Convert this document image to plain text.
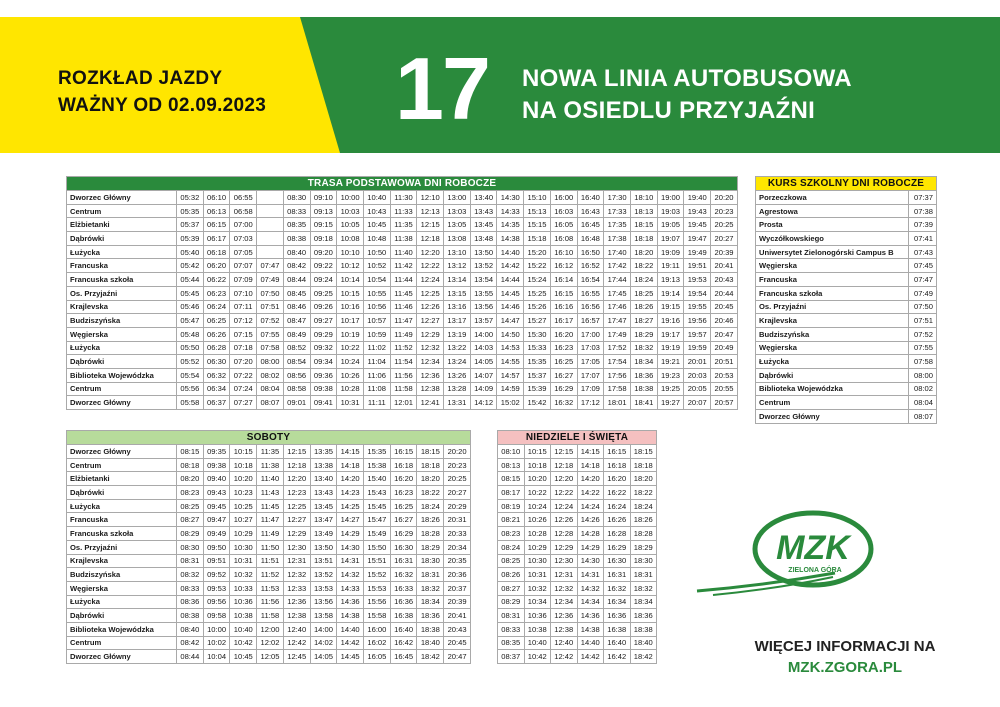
ROZKŁAD JAZDY
WAŻNY OD 02.09.2023	17 NOWA LINIA AUTOBUSOWA
NA OSIEDLU PRZYJAŹNI
TRASA PODSTAWOWA DNI ROBOCZE																					
Dworzec Główny	05:32	06:10	06:55		08:30	09:10	10:00	10:40	11:30	12:10	13:00	13:40	14:30	15:10	16:00	16:40	17:30	18:10	19:00	19:40	20:20
Centrum	05:35	06:13	06:58		08:33	09:13	10:03	10:43	11:33	12:13	13:03	13:43	14:33	15:13	16:03	16:43	17:33	18:13	19:03	19:43	20:23
Elżbietanki	05:37	06:15	07:00		08:35	09:15	10:05	10:45	11:35	12:15	13:05	13:45	14:35	15:15	16:05	16:45	17:35	18:15	19:05	19:45	20:25
Dąbrówki	05:39	06:17	07:03		08:38	09:18	10:08	10:48	11:38	12:18	13:08	13:48	14:38	15:18	16:08	16:48	17:38	18:18	19:07	19:47	20:27
Łużycka	05:40	06:18	07:05		08:40	09:20	10:10	10:50	11:40	12:20	13:10	13:50	14:40	15:20	16:10	16:50	17:40	18:20	19:09	19:49	20:39
Francuska	05:42	06:20	07:07	07:47	08:42	09:22	10:12	10:52	11:42	12:22	13:12	13:52	14:42	15:22	16:12	16:52	17:42	18:22	19:11	19:51	20:41
Francuska szkoła	05:44	06:22	07:09	07:49	08:44	09:24	10:14	10:54	11:44	12:24	13:14	13:54	14:44	15:24	16:14	16:54	17:44	18:24	19:13	19:53	20:43
Os. Przyjaźni	05:45	06:23	07:10	07:50	08:45	09:25	10:15	10:55	11:45	12:25	13:15	13:55	14:45	15:25	16:15	16:55	17:45	18:25	19:14	19:54	20:44
Krajlevska	05:46	06:24	07:11	07:51	08:46	09:26	10:16	10:56	11:46	12:26	13:16	13:56	14:46	15:26	16:16	16:56	17:46	18:26	19:15	19:55	20:45
Budziszyńska	05:47	06:25	07:12	07:52	08:47	09:27	10:17	10:57	11:47	12:27	13:17	13:57	14:47	15:27	16:17	16:57	17:47	18:27	19:16	19:56	20:46
Węgierska	05:48	06:26	07:15	07:55	08:49	09:29	10:19	10:59	11:49	12:29	13:19	14:00	14:50	15:30	16:20	17:00	17:49	18:29	19:17	19:57	20:47
Łużycka	05:50	06:28	07:18	07:58	08:52	09:32	10:22	11:02	11:52	12:32	13:22	14:03	14:53	15:33	16:23	17:03	17:52	18:32	19:19	19:59	20:49
Dąbrówki	05:52	06:30	07:20	08:00	08:54	09:34	10:24	11:04	11:54	12:34	13:24	14:05	14:55	15:35	16:25	17:05	17:54	18:34	19:21	20:01	20:51
Biblioteka Wojewódzka	05:54	06:32	07:22	08:02	08:56	09:36	10:26	11:06	11:56	12:36	13:26	14:07	14:57	15:37	16:27	17:07	17:56	18:36	19:23	20:03	20:53
Centrum	05:56	06:34	07:24	08:04	08:58	09:38	10:28	11:08	11:58	12:38	13:28	14:09	14:59	15:39	16:29	17:09	17:58	18:38	19:25	20:05	20:55
Dworzec Główny	05:58	06:37	07:27	08:07	09:01	09:41	10:31	11:11	12:01	12:41	13:31	14:12	15:02	15:42	16:32	17:12	18:01	18:41	19:27	20:07	20:57
SOBOTY											
Dworzec Główny	08:15	09:35	10:15	11:35	12:15	13:35	14:15	15:35	16:15	18:15	20:20
Centrum	08:18	09:38	10:18	11:38	12:18	13:38	14:18	15:38	16:18	18:18	20:23
Elżbietanki	08:20	09:40	10:20	11:40	12:20	13:40	14:20	15:40	16:20	18:20	20:25
Dąbrówki	08:23	09:43	10:23	11:43	12:23	13:43	14:23	15:43	16:23	18:22	20:27
Łużycka	08:25	09:45	10:25	11:45	12:25	13:45	14:25	15:45	16:25	18:24	20:29
Francuska	08:27	09:47	10:27	11:47	12:27	13:47	14:27	15:47	16:27	18:26	20:31
Francuska szkoła	08:29	09:49	10:29	11:49	12:29	13:49	14:29	15:49	16:29	18:28	20:33
Os. Przyjaźni	08:30	09:50	10:30	11:50	12:30	13:50	14:30	15:50	16:30	18:29	20:34
Krajlevska	08:31	09:51	10:31	11:51	12:31	13:51	14:31	15:51	16:31	18:30	20:35
Budziszyńska	08:32	09:52	10:32	11:52	12:32	13:52	14:32	15:52	16:32	18:31	20:36
Węgierska	08:33	09:53	10:33	11:53	12:33	13:53	14:33	15:53	16:33	18:32	20:37
Łużycka	08:36	09:56	10:36	11:56	12:36	13:56	14:36	15:56	16:36	18:34	20:39
Dąbrówki	08:38	09:58	10:38	11:58	12:38	13:58	14:38	15:58	16:38	18:36	20:41
Biblioteka Wojewódzka	08:40	10:00	10:40	12:00	12:40	14:00	14:40	16:00	16:40	18:38	20:43
Centrum	08:42	10:02	10:42	12:02	12:42	14:02	14:42	16:02	16:42	18:40	20:45
Dworzec Główny	08:44	10:04	10:45	12:05	12:45	14:05	14:45	16:05	16:45	18:42	20:47
NIEDZIELE I ŚWIĘTA					
08:10	10:15	12:15	14:15	16:15	18:15
08:13	10:18	12:18	14:18	16:18	18:18
08:15	10:20	12:20	14:20	16:20	18:20
08:17	10:22	12:22	14:22	16:22	18:22
08:19	10:24	12:24	14:24	16:24	18:24
08:21	10:26	12:26	14:26	16:26	18:26
08:23	10:28	12:28	14:28	16:28	18:28
08:24	10:29	12:29	14:29	16:29	18:29
08:25	10:30	12:30	14:30	16:30	18:30
08:26	10:31	12:31	14:31	16:31	18:31
08:27	10:32	12:32	14:32	16:32	18:32
08:29	10:34	12:34	14:34	16:34	18:34
08:31	10:36	12:36	14:36	16:36	18:36
08:33	10:38	12:38	14:38	16:38	18:38
08:35	10:40	12:40	14:40	16:40	18:40
08:37	10:42	12:42	14:42	16:42	18:42
KURS SZKOLNY DNI ROBOCZE	
Porzeczkowa	07:37
Agrestowa	07:38
Prosta	07:39
Wyczółkowskiego	07:41
Uniwersytet Zielonogórski Campus B	07:43
Węgierska	07:45
Francuska	07:47
Francuska szkoła	07:49
Os. Przyjaźni	07:50
Krajlevska	07:51
Budziszyńska	07:52
Węgierska	07:55
Łużycka	07:58
Dąbrówki	08:00
Biblioteka Wojewódzka	08:02
Centrum	08:04
Dworzec Główny	08:07
MZK
ZIELONA GÓRA
WIĘCEJ INFORMACJI NA
MZK.ZGORA.PL
